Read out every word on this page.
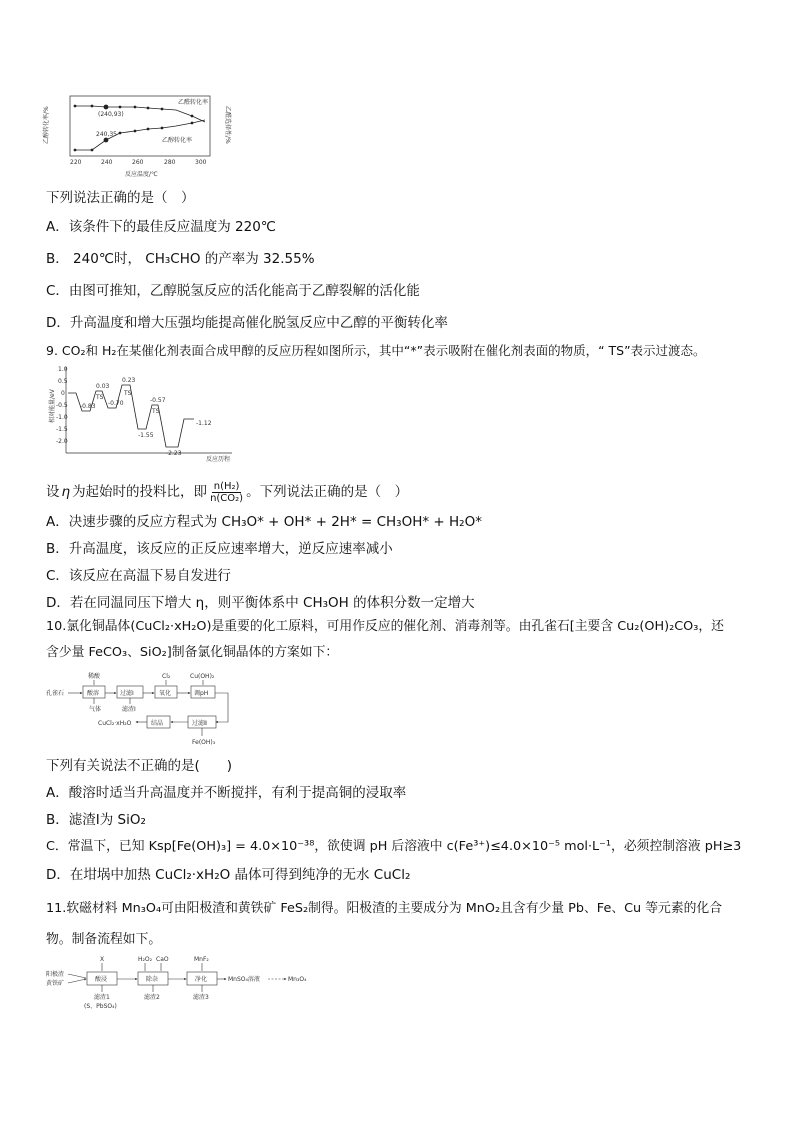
乙醇转化率/%	乙醛选择性/%
(240,93)
240,35
乙醛转化率
乙醇转化率
220	240	260	280	300
反应温度/℃
下列说法正确的是（　）
A．该条件下的最佳反应温度为 220℃
B． 240℃时， CH₃CHO 的产率为 32.55%
C．由图可推知，乙醇脱氢反应的活化能高于乙醇裂解的活化能
D．升高温度和增大压强均能提高催化脱氢反应中乙醇的平衡转化率
9. CO₂和 H₂在某催化剂表面合成甲醇的反应历程如图所示，其中“*”表示吸附在催化剂表面的物质，“ TS”表示过渡态。
相对能量/eV
1.0
0.5
0
-0.5
-1.0
-1.5
-2.0
-0.83
0.03
-0.70
0.23
-1.55
-0.57
-2.23
-1.12
TS
TS
TS
反应历程
设 η 为起始时的投料比，即 $\frac{\text{n(H₂)}}{\text{n(CO₂)}}$ 。下列说法正确的是（　）
A．决速步骤的反应方程式为 CH₃O* + OH* + 2H* = CH₃OH* + H₂O*
B．升高温度，该反应的正反应速率增大，逆反应速率减小
C．该反应在高温下易自发进行
D．若在同温同压下增大 η，则平衡体系中 CH₃OH 的体积分数一定增大
10.氯化铜晶体(CuCl₂·xH₂O)是重要的化工原料，可用作反应的催化剂、消毒剂等。由孔雀石[主要含 Cu₂(OH)₂CO₃，还
含少量 FeCO₃、SiO₂]制备氯化铜晶体的方案如下：
孔雀石	酸溶	过滤Ⅰ	氧化	调pH
过滤Ⅱ
结晶
CuCl₂·xH₂O
稀酸	Cl₂	Cu(OH)₂
气体	滤渣Ⅰ
Fe(OH)₃
下列有关说法不正确的是(　　)
A．酸溶时适当升高温度并不断搅拌，有利于提高铜的浸取率
B．滤渣Ⅰ为 SiO₂
C．常温下，已知 Ksp[Fe(OH)₃] = 4.0×10⁻³⁸，欲使调 pH 后溶液中 c(Fe³⁺)≤4.0×10⁻⁵ mol·L⁻¹，必须控制溶液 pH≥3
D．在坩埚中加热 CuCl₂·xH₂O 晶体可得到纯净的无水 CuCl₂
11.软磁材料 Mn₃O₄可由阳极渣和黄铁矿 FeS₂制得。阳极渣的主要成分为 MnO₂且含有少量 Pb、Fe、Cu 等元素的化合
物。制备流程如下。
阳极渣
黄铁矿
酸浸	除杂	净化	MnSO₄溶液	Mn₃O₄
X	H₂O₂ CaO	MnF₂
滤渣1
(S、PbSO₄)
滤渣2	滤渣3
